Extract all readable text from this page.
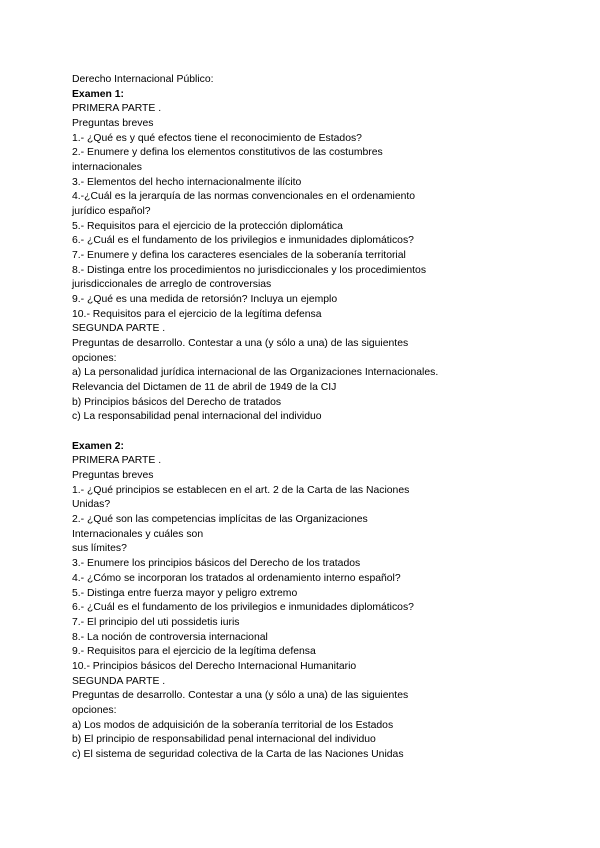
Derecho Internacional Público:
Examen 1:
PRIMERA PARTE .
Preguntas breves
1.- ¿Qué es y qué efectos tiene el reconocimiento de Estados?
2.- Enumere y defina los elementos constitutivos de las costumbres
internacionales
3.- Elementos del hecho internacionalmente ilícito
4.-¿Cuál es la jerarquía de las normas convencionales en el ordenamiento
jurídico español?
5.- Requisitos para el ejercicio de la protección diplomática
6.- ¿Cuál es el fundamento de los privilegios e inmunidades diplomáticos?
7.- Enumere y defina los caracteres esenciales de la soberanía territorial
8.- Distinga entre los procedimientos no jurisdiccionales y los procedimientos
jurisdiccionales de arreglo de controversias
9.- ¿Qué es una medida de retorsión? Incluya un ejemplo
10.- Requisitos para el ejercicio de la legítima defensa
SEGUNDA PARTE .
Preguntas de desarrollo. Contestar a una (y sólo a una) de las siguientes
opciones:
a) La personalidad jurídica internacional de las Organizaciones Internacionales.
Relevancia del Dictamen de 11 de abril de 1949 de la CIJ
b) Principios básicos del Derecho de tratados
c) La responsabilidad penal internacional del individuo
Examen 2:
PRIMERA PARTE .
Preguntas breves
1.- ¿Qué principios se establecen en el art. 2 de la Carta de las Naciones
Unidas?
2.- ¿Qué son las competencias implícitas de las Organizaciones
Internacionales y cuáles son
sus límites?
3.- Enumere los principios básicos del Derecho de los tratados
4.- ¿Cómo se incorporan los tratados al ordenamiento interno español?
5.- Distinga entre fuerza mayor y peligro extremo
6.- ¿Cuál es el fundamento de los privilegios e inmunidades diplomáticos?
7.- El principio del uti possidetis iuris
8.- La noción de controversia internacional
9.- Requisitos para el ejercicio de la legítima defensa
10.- Principios básicos del Derecho Internacional Humanitario
SEGUNDA PARTE .
Preguntas de desarrollo. Contestar a una (y sólo a una) de las siguientes
opciones:
a) Los modos de adquisición de la soberanía territorial de los Estados
b) El principio de responsabilidad penal internacional del individuo
c) El sistema de seguridad colectiva de la Carta de las Naciones Unidas
